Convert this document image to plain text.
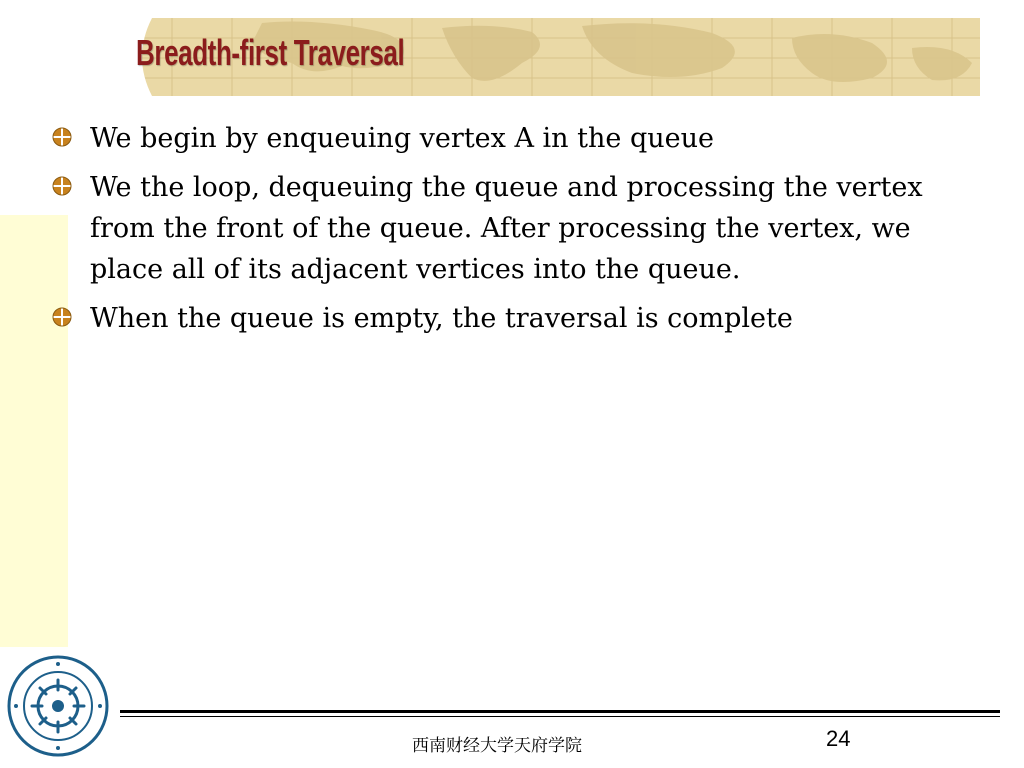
Breadth-first Traversal
We begin by enqueuing vertex A in the queue
We the loop, dequeuing the queue and processing the vertex from the front of the queue. After processing the vertex, we place all of its adjacent vertices into the queue.
When the queue is empty, the traversal is complete
西南财经大学天府学院	24
